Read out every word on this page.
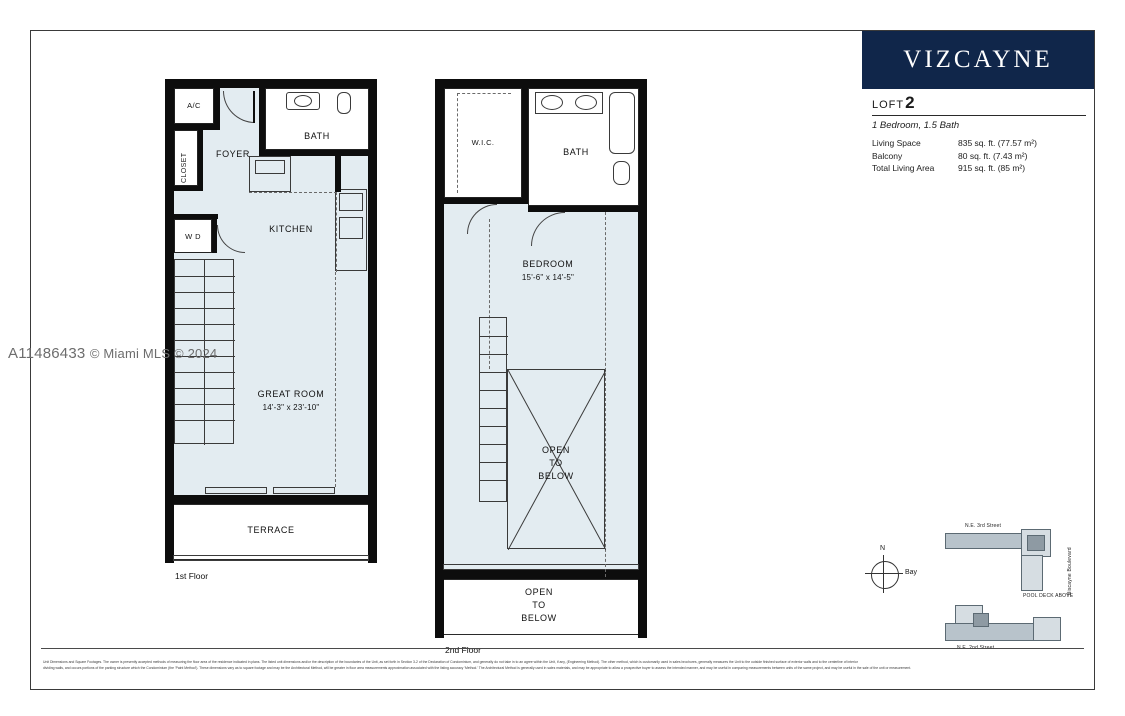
A11486433 © Miami MLS © 2024
VIZCAYNE
LOFT 2
1 Bedroom, 1.5 Bath
Living Space	835 sq. ft. (77.57 m²)
Balcony	80 sq. ft. (7.43 m²)
Total Living Area	915 sq. ft. (85 m²)
TERRACE
A/C
BATH
CLOSET	FOYER
KITCHEN
W D
GREAT ROOM
14'-3" x 23'-10"
1st Floor
OPEN
TO
BELOW
W.I.C.
BATH
BEDROOM
15'-6" x 14'-5"
OPEN
TO
BELOW
2nd Floor
N
Bay
N.E. 3rd Street
POOL DECK ABOVE
N.E. 2nd Street
Biscayne Boulevard
Unit Dimensions and Square Footages. The owner is presently accepted methods of measuring the floor area of the residence indicated in plans. The listed unit dimensions and/or the description of the boundaries of the Unit, as set forth in Section 3-2 of the Declaration of Condominium, and generally do not take in to an agree within the Unit, if any, (Engineering Method). The other method, which is customarily used in sales brochures, generally measures the Unit to the outside finished surface of exterior walls and to the centerline of interior
dividing walls, and occurs portions of the parking structure which the Condominium (the 'Paint Method'). These dimensions vary as to square footage and may be the Architectural Method, will be greater in floor area measurements approximation associated with the listing accuracy 'Method.' The Architectural Method is generally used in sales materials, and may be appropriate to allow a prospective buyer to assess the intended manner, and may be useful in comparing measurements between units of the same project, and may be useful in the sale of the unit or measurement.
